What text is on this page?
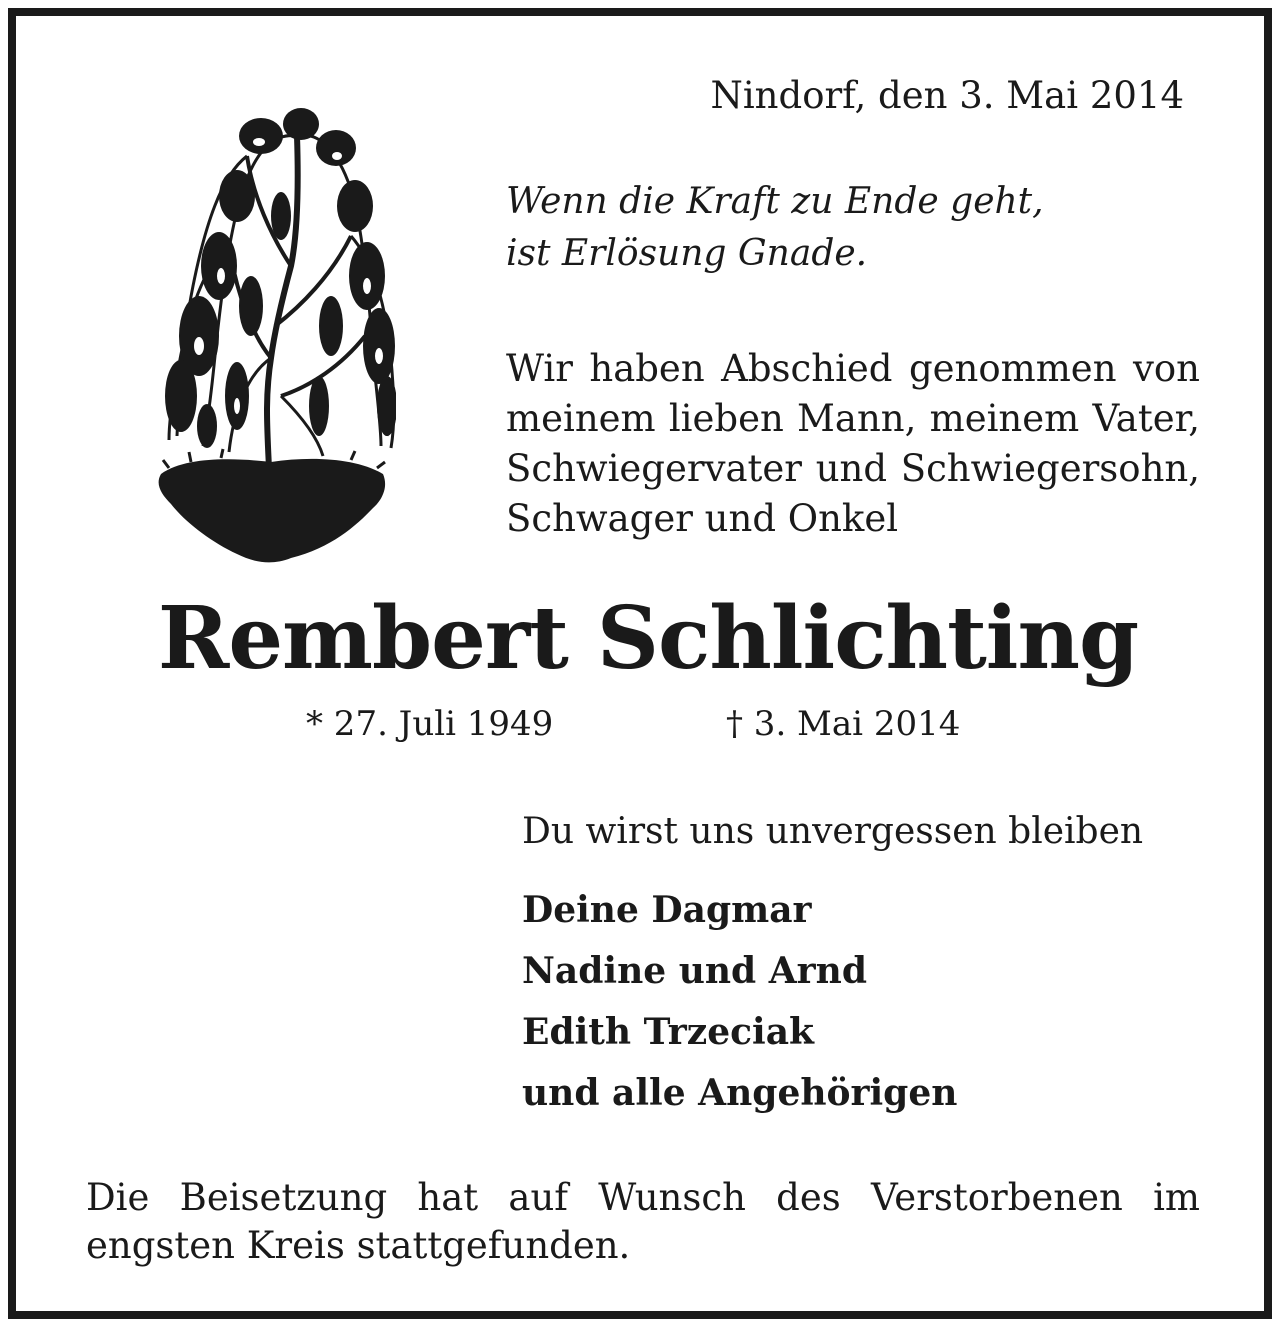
Nindorf, den 3. Mai 2014

Wenn die Kraft zu Ende geht,
ist Erlösung Gnade.

Wir haben Abschied genommen von meinem lieben Mann, meinem Vater, Schwiegervater und Schwiegersohn, Schwager und Onkel

Rembert Schlichting

* 27. Juli 1949	† 3. Mai 2014

Du wirst uns unvergessen bleiben

Deine Dagmar
Nadine und Arnd
Edith Trzeciak
und alle Angehörigen

Die Beisetzung hat auf Wunsch des Verstorbenen im engsten Kreis stattgefunden.
